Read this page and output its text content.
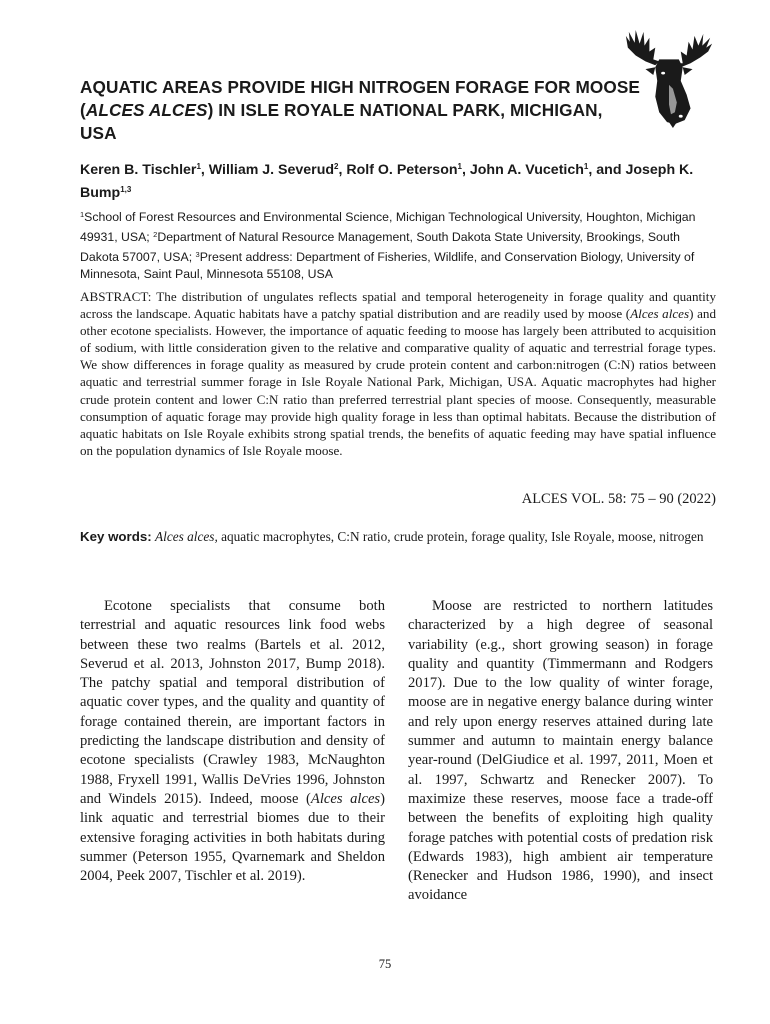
AQUATIC AREAS PROVIDE HIGH NITROGEN FORAGE FOR MOOSE (ALCES ALCES) IN ISLE ROYALE NATIONAL PARK, MICHIGAN, USA

Keren B. Tischler$^1$, William J. Severud$^2$, Rolf O. Peterson$^1$, John A. Vucetich$^1$, and Joseph K. Bump$^{1,3}$

$^1$School of Forest Resources and Environmental Science, Michigan Technological University, Houghton, Michigan 49931, USA; $^2$Department of Natural Resource Management, South Dakota State University, Brookings, South Dakota 57007, USA; $^3$Present address: Department of Fisheries, Wildlife, and Conservation Biology, University of Minnesota, Saint Paul, Minnesota 55108, USA

ABSTRACT: The distribution of ungulates reflects spatial and temporal heterogeneity in forage quality and quantity across the landscape. Aquatic habitats have a patchy spatial distribution and are readily used by moose (Alces alces) and other ecotone specialists. However, the importance of aquatic feeding to moose has largely been attributed to acquisition of sodium, with little consideration given to the relative and comparative quality of aquatic and terrestrial forage types. We show differences in forage quality as measured by crude protein content and carbon:nitrogen (C:N) ratios between aquatic and terrestrial summer forage in Isle Royale National Park, Michigan, USA. Aquatic macrophytes had higher crude protein content and lower C:N ratio than preferred terrestrial plant species of moose. Consequently, measurable consumption of aquatic forage may provide high quality forage in less than optimal habitats. Because the distribution of aquatic habitats on Isle Royale exhibits strong spatial trends, the benefits of aquatic feeding may have spatial influence on the population dynamics of Isle Royale moose.

ALCES VOL. 58: 75 – 90 (2022)

Key words: Alces alces, aquatic macrophytes, C:N ratio, crude protein, forage quality, Isle Royale, moose, nitrogen

Ecotone specialists that consume both terrestrial and aquatic resources link food webs between these two realms (Bartels et al. 2012, Severud et al. 2013, Johnston 2017, Bump 2018). The patchy spatial and temporal distribution of aquatic cover types, and the quality and quantity of forage contained therein, are important factors in predicting the landscape distribution and density of ecotone specialists (Crawley 1983, McNaughton 1988, Fryxell 1991, Wallis DeVries 1996, Johnston and Windels 2015). Indeed, moose (Alces alces) link aquatic and terrestrial biomes due to their extensive foraging activities in both habitats during summer (Peterson 1955, Qvarnemark and Sheldon 2004, Peek 2007, Tischler et al. 2019).

Moose are restricted to northern latitudes characterized by a high degree of seasonal variability (e.g., short growing season) in forage quality and quantity (Timmermann and Rodgers 2017). Due to the low quality of winter forage, moose are in negative energy balance during winter and rely upon energy reserves attained during late summer and autumn to maintain energy balance year-round (DelGiudice et al. 1997, 2011, Moen et al. 1997, Schwartz and Renecker 2007). To maximize these reserves, moose face a trade-off between the benefits of exploiting high quality forage patches with potential costs of predation risk (Edwards 1983), high ambient air temperature (Renecker and Hudson 1986, 1990), and insect avoidance

75
